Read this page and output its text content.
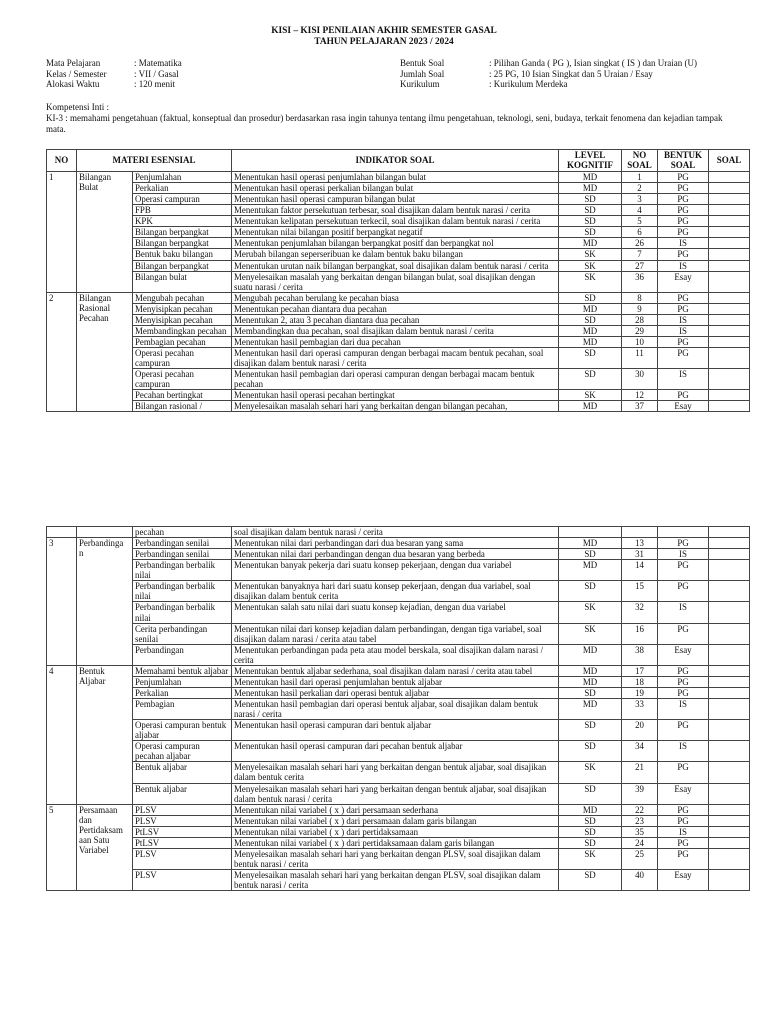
KISI – KISI PENILAIAN AKHIR SEMESTER GASAL
TAHUN PELAJARAN 2023 / 2024
Mata Pelajaran	: Matematika
Kelas / Semester	: VII / Gasal
Alokasi Waktu	: 120 menit
Bentuk Soal	: Pilihan Ganda ( PG ), Isian singkat ( IS ) dan Uraian (U)
Jumlah Soal	: 25 PG, 10 Isian Singkat dan 5 Uraian / Esay
Kurikulum	: Kurikulum Merdeka

Kompetensi Inti :

KI-3 : memahami pengetahuan (faktual, konseptual dan prosedur) berdasarkan rasa ingin tahunya tentang ilmu pengetahuan, teknologi, seni, budaya, terkait fenomena dan kejadian tampak mata.

NO	MATERI ESENSIAL		INDIKATOR SOAL	LEVEL KOGNITIF	NO SOAL	BENTUK SOAL	SOAL
1	Bilangan Bulat	Penjumlahan	Menentukan hasil operasi penjumlahan bilangan bulat	MD	1	PG	
		Perkalian	Menentukan hasil operasi perkalian bilangan bulat	MD	2	PG	
		Operasi campuran	Menentukan hasil operasi campuran bilangan bulat	SD	3	PG	
		FPB	Menentukan faktor persekutuan terbesar, soal disajikan dalam bentuk narasi / cerita	SD	4	PG	
		KPK	Menentukan kelipatan persekutuan terkecil, soal disajikan dalam bentuk narasi / cerita	SD	5	PG	
		Bilangan berpangkat	Menentukan nilai bilangan positif berpangkat negatif	SD	6	PG	
		Bilangan berpangkat	Menentukan penjumlahan bilangan berpangkat positf dan berpangkat nol	MD	26	IS	
		Bentuk baku bilangan	Merubah bilangan seperseribuan ke dalam bentuk baku bilangan	SK	7	PG	
		Bilangan berpangkat	Menentukan urutan naik bilangan berpangkat, soal disajikan dalam bentuk narasi / cerita	SK	27	IS	
		Bilangan bulat	Menyelesaikan masalah yang berkaitan dengan bilangan bulat, soal disajikan dengan suatu narasi / cerita	SK	36	Esay	
2	Bilangan Rasional Pecahan	Mengubah pecahan	Mengubah pecahan berulang ke pecahan biasa	SD	8	PG	
		Menyisipkan pecahan	Menentukan pecahan diantara dua pecahan	MD	9	PG	
		Menyisipkan pecahan	Menentukan 2, atau 3 pecahan diantara dua pecahan	SD	28	IS	
		Membandingkan pecahan	Membandingkan dua pecahan, soal disajikan dalam bentuk narasi / cerita	MD	29	IS	
		Pembagian pecahan	Menentukan hasil pembagian dari dua pecahan	MD	10	PG	
		Operasi pecahan campuran	Menentukan hasil dari operasi campuran dengan berbagai macam bentuk pecahan, soal disajikan dalam bentuk narasi / cerita	SD	11	PG	
		Operasi pecahan campuran	Menentukan hasil pembagian dari operasi campuran dengan berbagai macam bentuk pecahan	SD	30	IS	
		Pecahan bertingkat	Menentukan hasil operasi pecahan bertingkat	SK	12	PG	
		Bilangan rasional /	Menyelesaikan masalah sehari hari yang berkaitan dengan bilangan pecahan,	MD	37	Esay	
		pecahan	soal disajikan dalam bentuk narasi / cerita				
3	Perbandinga n	Perbandingan senilai	Menentukan nilai dari perbandingan dari dua besaran yang sama	MD	13	PG	
		Perbandingan senilai	Menentukan nilai dari perbandingan dengan dua besaran yang berbeda	SD	31	IS	
		Perbandingan berbalik nilai	Menentukan banyak pekerja dari suatu konsep pekerjaan, dengan dua variabel	MD	14	PG	
		Perbandingan berbalik nilai	Menentukan banyaknya hari dari suatu konsep pekerjaan, dengan dua variabel, soal disajikan dalam bentuk cerita	SD	15	PG	
		Perbandingan berbalik nilai	Menentukan salah satu nilai dari suatu konsep kejadian, dengan dua variabel	SK	32	IS	
		Cerita perbandingan senilai	Menentukan nilai dari konsep kejadian dalam perbandingan, dengan tiga variabel, soal disajikan dalam narasi / cerita atau tabel	SK	16	PG	
		Perbandingan	Menentukan perbandingan pada peta atau model berskala, soal disajikan dalam narasi / cerita	MD	38	Esay	
4	Bentuk Aljabar	Memahami bentuk aljabar	Menentukan bentuk aljabar sederhana, soal disajikan dalam narasi / cerita atau tabel	MD	17	PG	
		Penjumlahan	Menentukan hasil dari operasi penjumlahan bentuk aljabar	MD	18	PG	
		Perkalian	Menentukan hasil perkalian dari operasi bentuk aljabar	SD	19	PG	
		Pembagian	Menentukan hasil pembagian dari operasi bentuk aljabar, soal disajikan dalam bentuk narasi / cerita	MD	33	IS	
		Operasi campuran bentuk aljabar	Menentukan hasil operasi campuran dari bentuk aljabar	SD	20	PG	
		Operasi campuran pecahan aljabar	Menentukan hasil operasi campuran dari pecahan bentuk aljabar	SD	34	IS	
		Bentuk aljabar	Menyelesaikan masalah sehari hari yang berkaitan dengan bentuk aljabar, soal disajikan dalam bentuk cerita	SK	21	PG	
		Bentuk aljabar	Menyelesaikan masalah sehari hari yang berkaitan dengan bentuk aljabar, soal disajikan dalam bentuk narasi / cerita	SD	39	Esay	
5	Persamaan dan Pertidaksam aan Satu Variabel	PLSV	Menentukan nilai variabel ( x ) dari persamaan sederhana	MD	22	PG	
		PLSV	Menentukan nilai variabel ( x ) dari persamaan dalam garis bilangan	SD	23	PG	
		PtLSV	Menentukan nilai variabel ( x ) dari pertidaksamaan	SD	35	IS	
		PtLSV	Menentukan nilai variabel ( x ) dari pertidaksamaan dalam garis bilangan	SD	24	PG	
		PLSV	Menyelesaikan masalah sehari hari yang berkaitan dengan PLSV, soal disajikan dalam bentuk narasi / cerita	SK	25	PG	
		PLSV	Menyelesaikan masalah sehari hari yang berkaitan dengan PLSV, soal disajikan dalam bentuk narasi / cerita	SD	40	Esay	
